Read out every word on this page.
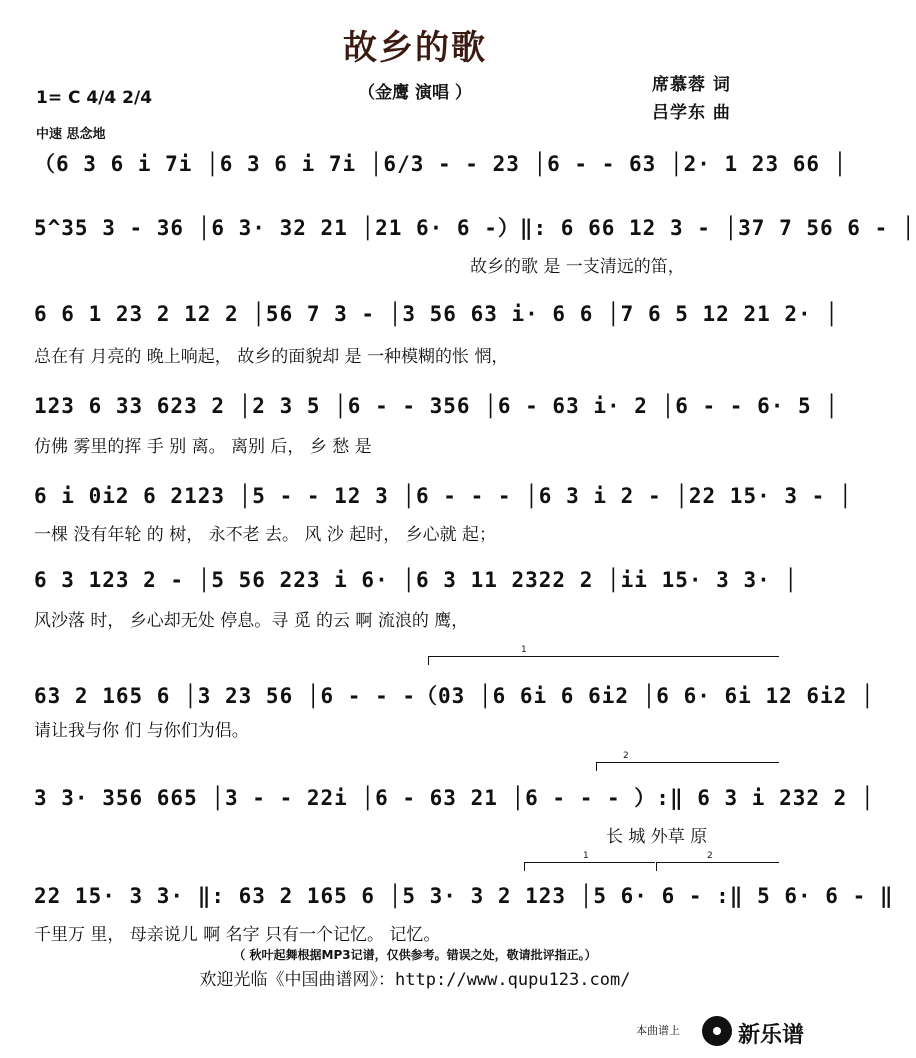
故乡的歌
（金鹰 演唱 ）	席慕蓉 词
吕学东 曲
1= C 4/4 2/4
中速 思念地
（6 3 6 i 7i │6 3 6 i 7i │6/3 - - 23 │6 - - 63 │2· 1 23 66 │
5^35 3 - 36 │6 3· 32 21 │21 6· 6 -）‖: 6 66 12 3 - │37 7 56 6 - │
故乡的歌 是 一支清远的笛，
6 6 1 23 2 12 2 │56 7 3 - │3 56 63 i· 6 6 │7 6 5 12 21 2· │
总在有 月亮的 晚上响起， 故乡的面貌却 是 一种模糊的怅 惘，
123 6 33 623 2 │2 3 5 │6 - - 356 │6 - 63 i· 2 │6 - - 6· 5 │
仿佛 雾里的挥 手 别 离。 离别 后， 乡 愁 是
6 i 0i2 6 2123 │5 - - 12 3 │6 - - - │6 3 i 2 - │22 15· 3 - │
一棵 没有年轮 的 树， 永不老 去。 风 沙 起时， 乡心就 起；
6 3 123 2 - │5 56 223 i 6· │6 3 11 2322 2 │ii 15· 3 3· │
风沙落 时， 乡心却无处 停息。寻 觅 的云 啊 流浪的 鹰，
1
63 2 165 6 │3 23 56 │6 - - -（03 │6 6i 6 6i2 │6 6· 6i 12 6i2 │
请让我与你 们 与你们为侣。
2
3 3· 356 665 │3 - - 22i │6 - 63 21 │6 - - - ）:‖ 6 3 i 232 2 │
长 城 外草 原
1	2
22 15· 3 3· ‖: 63 2 165 6 │5 3· 3 2 123 │5 6· 6 - :‖ 5 6· 6 - ‖
千里万 里， 母亲说儿 啊 名字 只有一个记忆。 记忆。
（ 秋叶起舞根据MP3记谱，仅供参考。错误之处，敬请批评指正。）
欢迎光临《中国曲谱网》：http://www.qupu123.com/
本曲谱上	新乐谱
